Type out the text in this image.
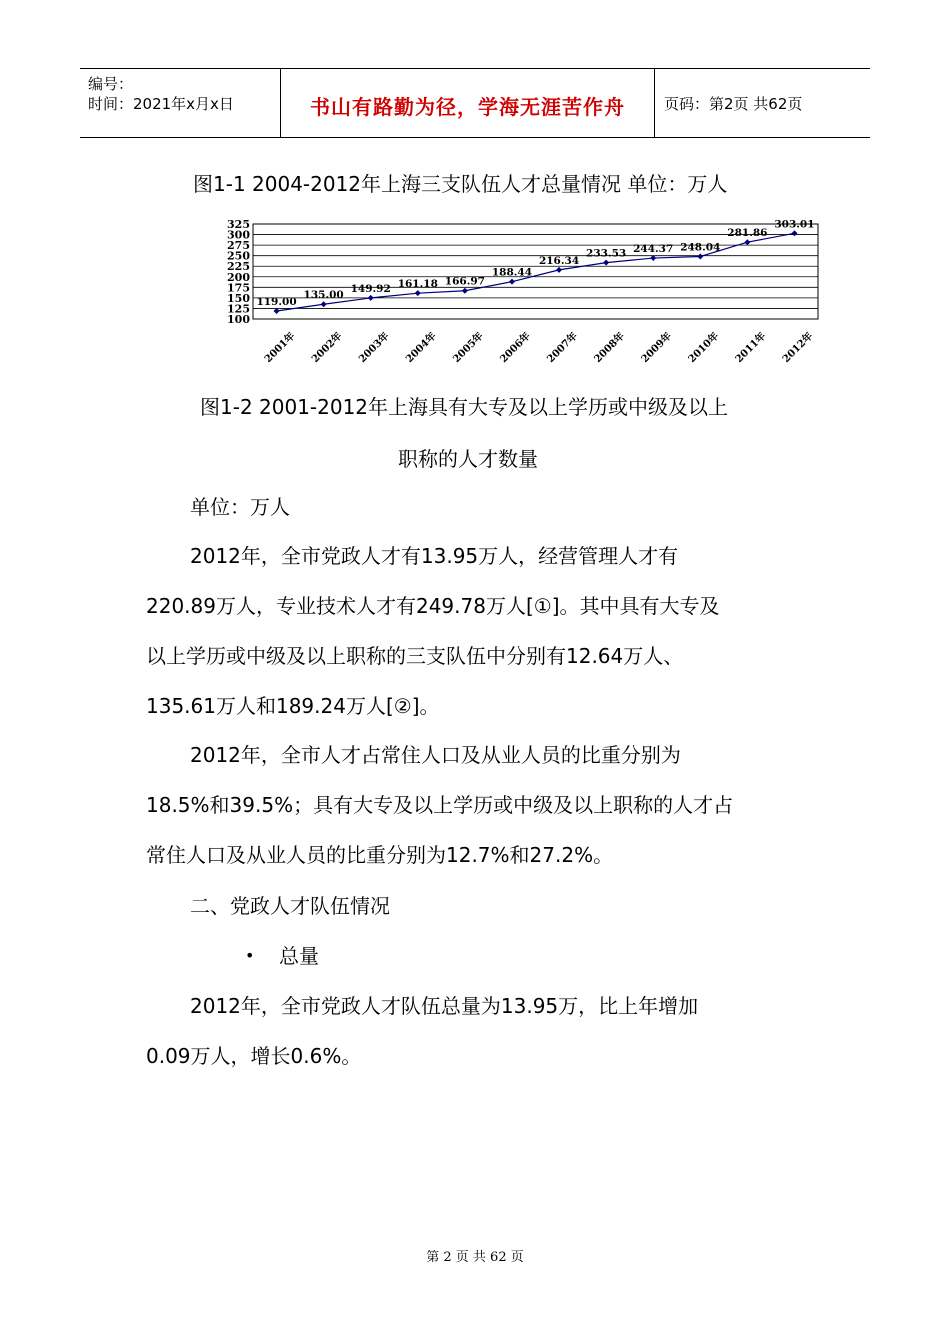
编号：
时间：2021年x月x日	书山有路勤为径，学海无涯苦作舟	页码：第2页 共62页
图1-1 2004-2012年上海三支队伍人才总量情况 单位：万人
325
300
275
250
225
200
175
150
125
100
119.00
135.00
149.92 161.18 166.97
188.44
216.34
233.53 244.37 248.04
281.86
303.01
2001年 2002年 2003年 2004年 2005年 2006年 2007年 2008年 2009年 2010年 2011年 2012年
图1-2 2001-2012年上海具有大专及以上学历或中级及以上
职称的人才数量
单位：万人
2012年，全市党政人才有13.95万人，经营管理人才有
220.89万人，专业技术人才有249.78万人[①]。其中具有大专及
以上学历或中级及以上职称的三支队伍中分别有12.64万人、
135.61万人和189.24万人[②]。
2012年，全市人才占常住人口及从业人员的比重分别为
18.5%和39.5%；具有大专及以上学历或中级及以上职称的人才占
常住人口及从业人员的比重分别为12.7%和27.2%。
二、党政人才队伍情况
• 总量
2012年，全市党政人才队伍总量为13.95万，比上年增加
0.09万人，增长0.6%。
第 2 页 共 62 页
